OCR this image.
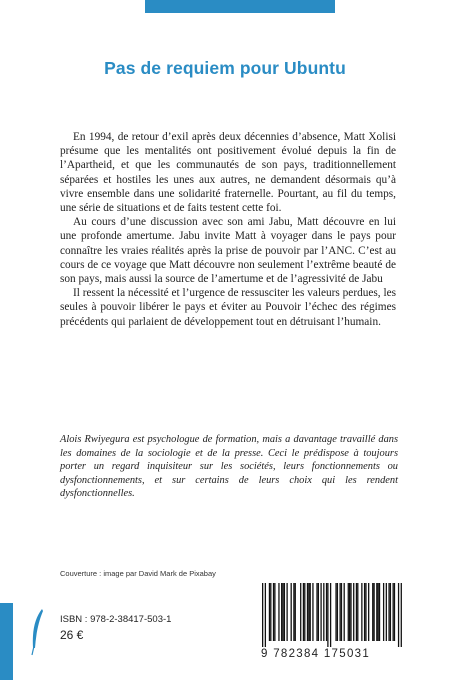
Pas de requiem pour Ubuntu

En 1994, de retour d’exil après deux décennies d’absence, Matt Xolisi présume que les mentalités ont positivement évolué depuis la fin de l’Apartheid, et que les communautés de son pays, traditionnellement séparées et hostiles les unes aux autres, ne demandent désormais qu’à vivre ensemble dans une solidarité fraternelle. Pourtant, au fil du temps, une série de situations et de faits testent cette foi.

Au cours d’une discussion avec son ami Jabu, Matt découvre en lui une profonde amertume. Jabu invite Matt à voyager dans le pays pour connaître les vraies réalités après la prise de pouvoir par l’ANC. C’est au cours de ce voyage que Matt découvre non seulement l’extrême beauté de son pays, mais aussi la source de l’amertume et de l’agressivité de Jabu

Il ressent la nécessité et l’urgence de ressusciter les valeurs perdues, les seules à pouvoir libérer le pays et éviter au Pouvoir l’échec des régimes précédents qui parlaient de développement tout en détruisant l’humain.

Alois Rwiyegura est psychologue de formation, mais a davantage travaillé dans les domaines de la sociologie et de la presse. Ceci le prédispose à toujours porter un regard inquisiteur sur les sociétés, leurs fonctionnements ou dysfonctionnements, et sur certains de leurs choix qui les rendent dysfonctionnelles.

Couverture : image par David Mark de Pixabay
ISBN : 978-2-38417-503-1
26 €
9 782384 175031
